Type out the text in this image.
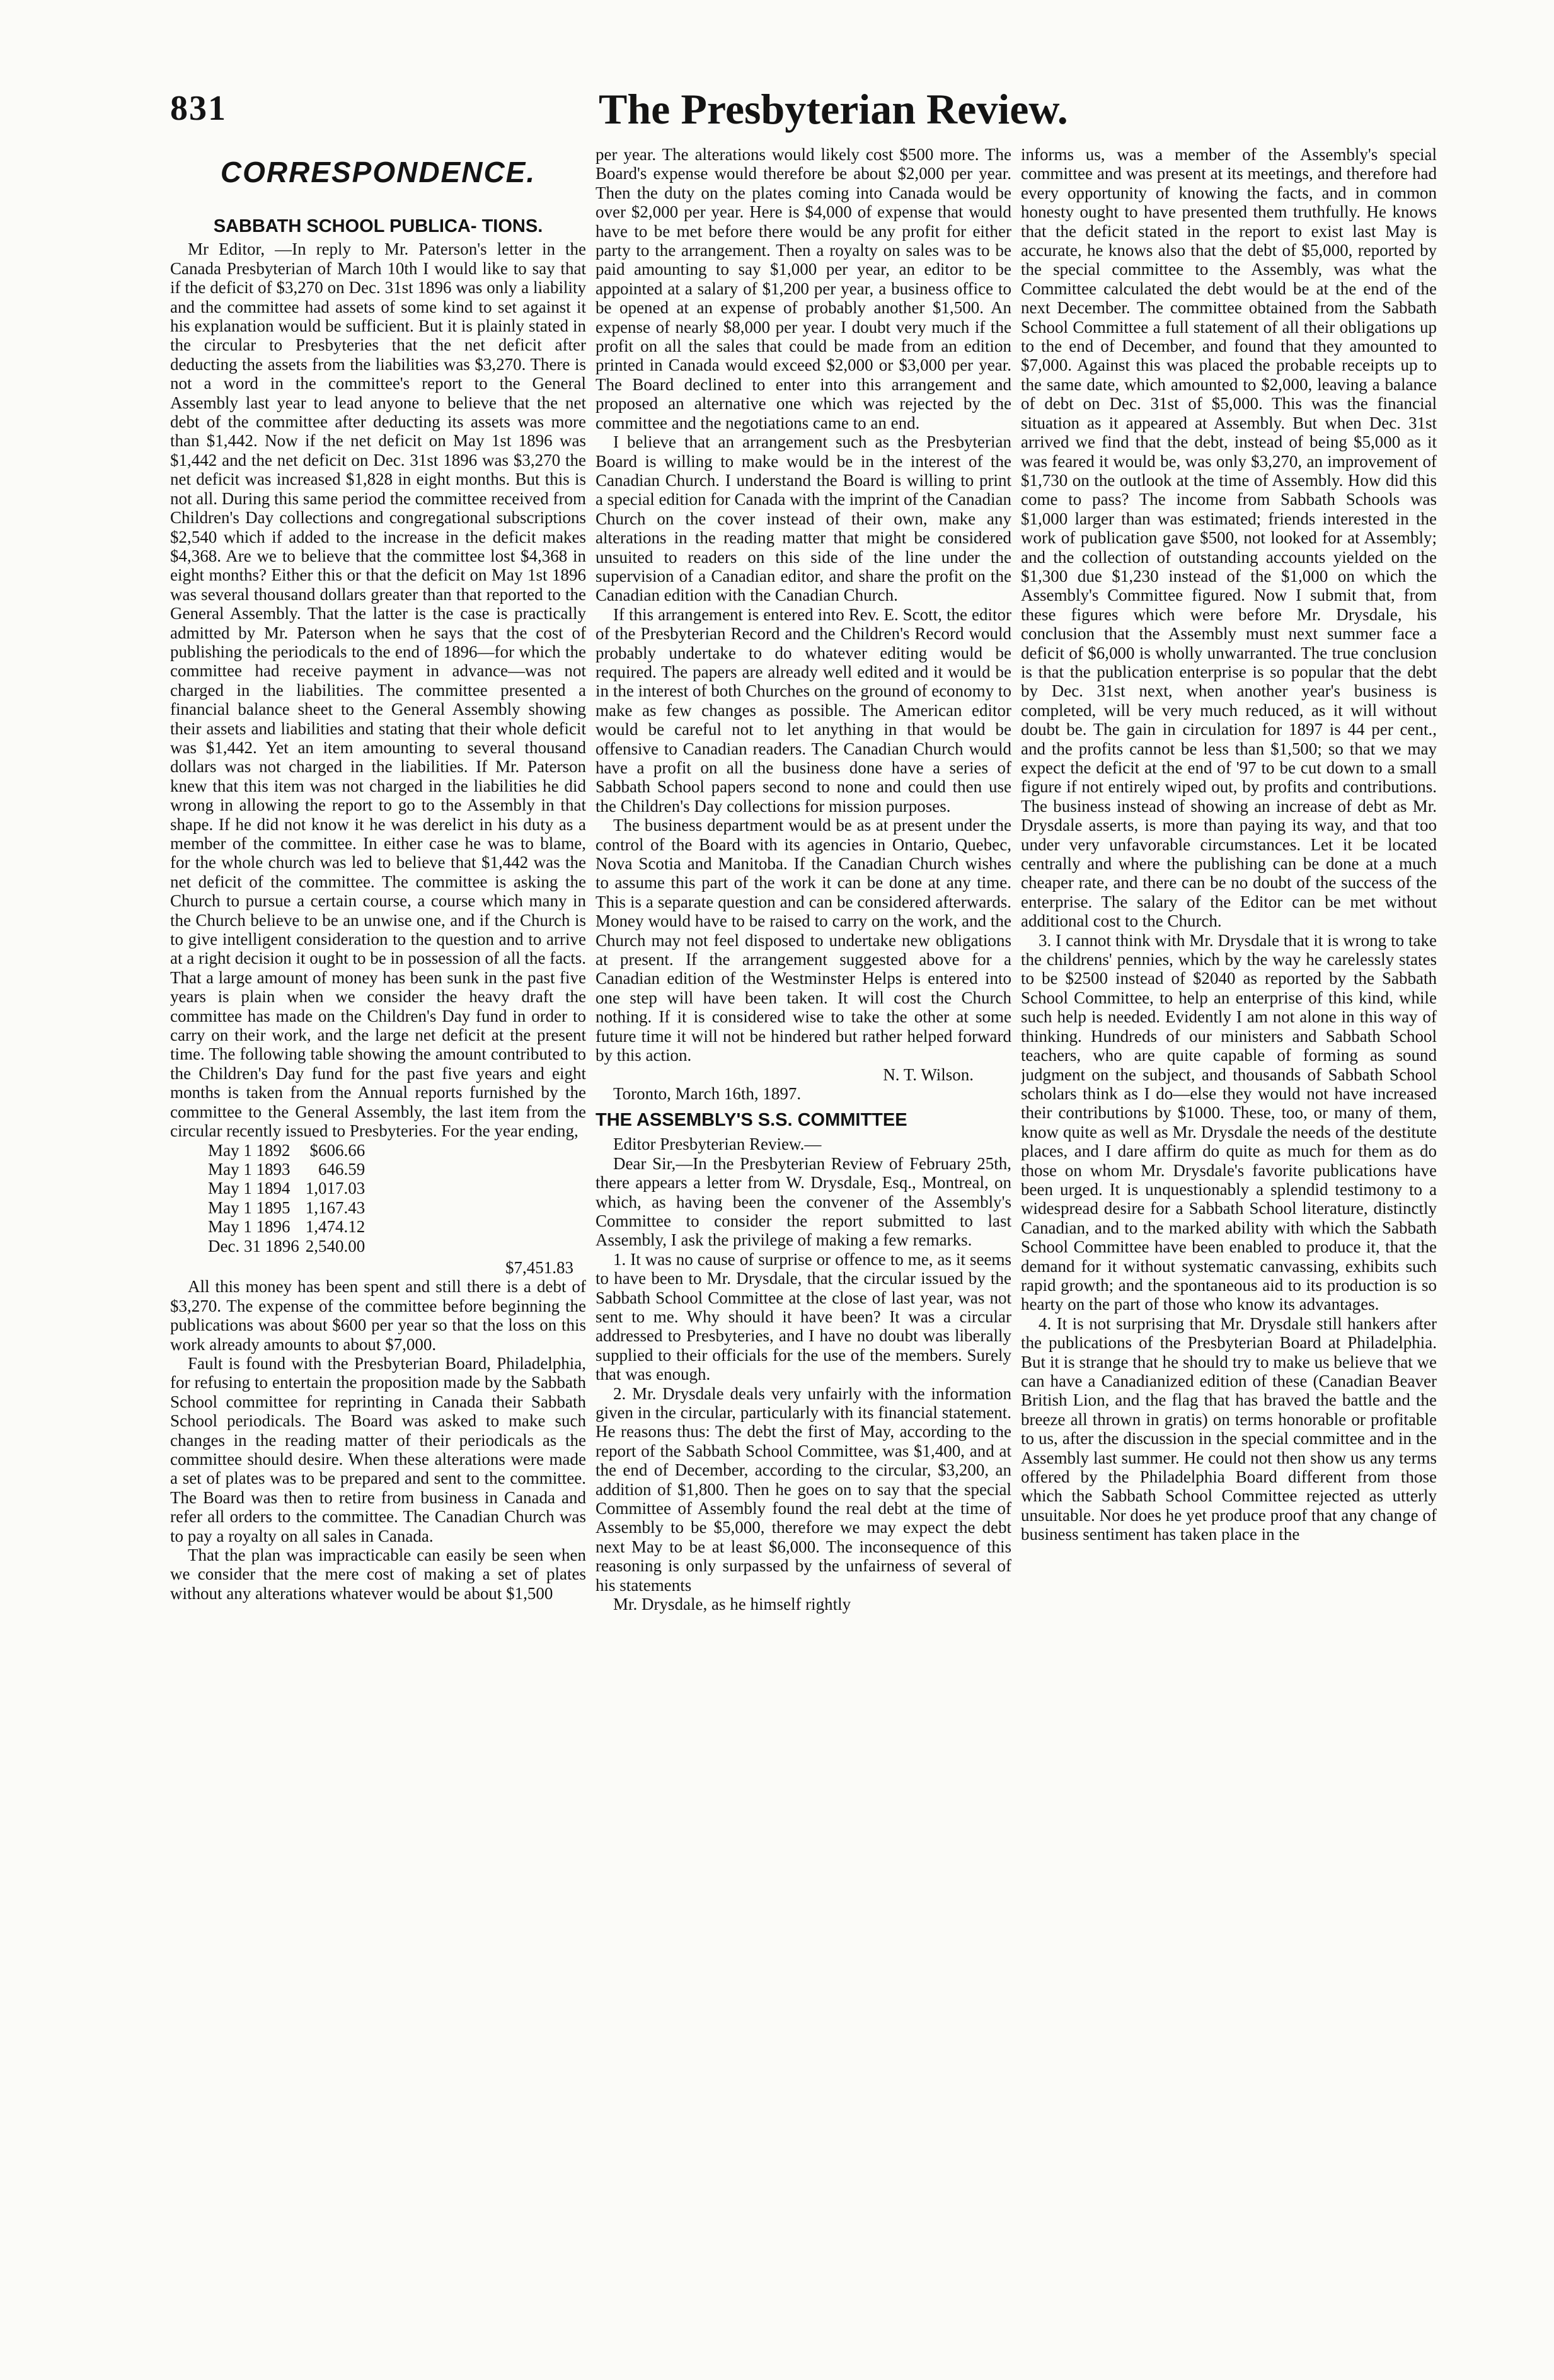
831	The Presbyterian Review.
CORRESPONDENCE.
SABBATH SCHOOL PUBLICA- TIONS.

Mr Editor, —In reply to Mr. Paterson's letter in the Canada Presbyterian of March 10th I would like to say that if the deficit of $3,270 on Dec. 31st 1896 was only a liability and the committee had assets of some kind to set against it his explanation would be sufficient. But it is plainly stated in the circular to Presbyteries that the net deficit after deducting the assets from the liabilities was $3,270. There is not a word in the committee's report to the General Assembly last year to lead anyone to believe that the net debt of the committee after deducting its assets was more than $1,442. Now if the net deficit on May 1st 1896 was $1,442 and the net deficit on Dec. 31st 1896 was $3,270 the net deficit was increased $1,828 in eight months. But this is not all. During this same period the committee received from Children's Day collections and congregational subscriptions $2,540 which if added to the increase in the deficit makes $4,368. Are we to believe that the committee lost $4,368 in eight months? Either this or that the deficit on May 1st 1896 was several thousand dollars greater than that reported to the General Assembly. That the latter is the case is practically admitted by Mr. Paterson when he says that the cost of publishing the periodicals to the end of 1896—for which the committee had receive payment in advance—was not charged in the liabilities. The committee presented a financial balance sheet to the General Assembly showing their assets and liabilities and stating that their whole deficit was $1,442. Yet an item amounting to several thousand dollars was not charged in the liabilities. If Mr. Paterson knew that this item was not charged in the liabilities he did wrong in allowing the report to go to the Assembly in that shape. If he did not know it he was derelict in his duty as a member of the committee. In either case he was to blame, for the whole church was led to believe that $1,442 was the net deficit of the committee. The committee is asking the Church to pursue a certain course, a course which many in the Church believe to be an unwise one, and if the Church is to give intelligent consideration to the question and to arrive at a right decision it ought to be in possession of all the facts. That a large amount of money has been sunk in the past five years is plain when we consider the heavy draft the committee has made on the Children's Day fund in order to carry on their work, and the large net deficit at the present time. The following table showing the amount contributed to the Children's Day fund for the past five years and eight months is taken from the Annual reports furnished by the committee to the General Assembly, the last item from the circular recently issued to Presbyteries. For the year ending,

May 1 1892	$606.66
May 1 1893	646.59
May 1 1894	1,017.03
May 1 1895	1,167.43
May 1 1896	1,474.12
Dec. 31 1896	2,540.00
$7,451.83

All this money has been spent and still there is a debt of $3,270. The expense of the committee before beginning the publications was about $600 per year so that the loss on this work already amounts to about $7,000.

Fault is found with the Presbyterian Board, Philadelphia, for refusing to entertain the proposition made by the Sabbath School committee for reprinting in Canada their Sabbath School periodicals. The Board was asked to make such changes in the reading matter of their periodicals as the committee should desire. When these alterations were made a set of plates was to be prepared and sent to the committee. The Board was then to retire from business in Canada and refer all orders to the committee. The Canadian Church was to pay a royalty on all sales in Canada.

That the plan was impracticable can easily be seen when we consider that the mere cost of making a set of plates without any alterations whatever would be about $1,500

per year. The alterations would likely cost $500 more. The Board's expense would therefore be about $2,000 per year. Then the duty on the plates coming into Canada would be over $2,000 per year. Here is $4,000 of expense that would have to be met before there would be any profit for either party to the arrangement. Then a royalty on sales was to be paid amounting to say $1,000 per year, an editor to be appointed at a salary of $1,200 per year, a business office to be opened at an expense of probably another $1,500. An expense of nearly $8,000 per year. I doubt very much if the profit on all the sales that could be made from an edition printed in Canada would exceed $2,000 or $3,000 per year. The Board declined to enter into this arrangement and proposed an alternative one which was rejected by the committee and the negotiations came to an end.

I believe that an arrangement such as the Presbyterian Board is willing to make would be in the interest of the Canadian Church. I understand the Board is willing to print a special edition for Canada with the imprint of the Canadian Church on the cover instead of their own, make any alterations in the reading matter that might be considered unsuited to readers on this side of the line under the supervision of a Canadian editor, and share the profit on the Canadian edition with the Canadian Church.

If this arrangement is entered into Rev. E. Scott, the editor of the Presbyterian Record and the Children's Record would probably undertake to do whatever editing would be required. The papers are already well edited and it would be in the interest of both Churches on the ground of economy to make as few changes as possible. The American editor would be careful not to let anything in that would be offensive to Canadian readers. The Canadian Church would have a profit on all the business done have a series of Sabbath School papers second to none and could then use the Children's Day collections for mission purposes.

The business department would be as at present under the control of the Board with its agencies in Ontario, Quebec, Nova Scotia and Manitoba. If the Canadian Church wishes to assume this part of the work it can be done at any time. This is a separate question and can be considered afterwards. Money would have to be raised to carry on the work, and the Church may not feel disposed to undertake new obligations at present. If the arrangement suggested above for a Canadian edition of the Westminster Helps is entered into one step will have been taken. It will cost the Church nothing. If it is considered wise to take the other at some future time it will not be hindered but rather helped forward by this action.

N. T. Wilson.

Toronto, March 16th, 1897.

THE ASSEMBLY'S S.S. COMMITTEE

Editor Presbyterian Review.—

Dear Sir,—In the Presbyterian Review of February 25th, there appears a letter from W. Drysdale, Esq., Montreal, on which, as having been the convener of the Assembly's Committee to consider the report submitted to last Assembly, I ask the privilege of making a few remarks.

1. It was no cause of surprise or offence to me, as it seems to have been to Mr. Drysdale, that the circular issued by the Sabbath School Committee at the close of last year, was not sent to me. Why should it have been? It was a circular addressed to Presbyteries, and I have no doubt was liberally supplied to their officials for the use of the members. Surely that was enough.

2. Mr. Drysdale deals very unfairly with the information given in the circular, particularly with its financial statement. He reasons thus: The debt the first of May, according to the report of the Sabbath School Committee, was $1,400, and at the end of December, according to the circular, $3,200, an addition of $1,800. Then he goes on to say that the special Committee of Assembly found the real debt at the time of Assembly to be $5,000, therefore we may expect the debt next May to be at least $6,000. The inconsequence of this reasoning is only surpassed by the unfairness of several of his statements

Mr. Drysdale, as he himself rightly

informs us, was a member of the Assembly's special committee and was present at its meetings, and therefore had every opportunity of knowing the facts, and in common honesty ought to have presented them truthfully. He knows that the deficit stated in the report to exist last May is accurate, he knows also that the debt of $5,000, reported by the special committee to the Assembly, was what the Committee calculated the debt would be at the end of the next December. The committee obtained from the Sabbath School Committee a full statement of all their obligations up to the end of December, and found that they amounted to $7,000. Against this was placed the probable receipts up to the same date, which amounted to $2,000, leaving a balance of debt on Dec. 31st of $5,000. This was the financial situation as it appeared at Assembly. But when Dec. 31st arrived we find that the debt, instead of being $5,000 as it was feared it would be, was only $3,270, an improvement of $1,730 on the outlook at the time of Assembly. How did this come to pass? The income from Sabbath Schools was $1,000 larger than was estimated; friends interested in the work of publication gave $500, not looked for at Assembly; and the collection of outstanding accounts yielded on the $1,300 due $1,230 instead of the $1,000 on which the Assembly's Committee figured. Now I submit that, from these figures which were before Mr. Drysdale, his conclusion that the Assembly must next summer face a deficit of $6,000 is wholly unwarranted. The true conclusion is that the publication enterprise is so popular that the debt by Dec. 31st next, when another year's business is completed, will be very much reduced, as it will without doubt be. The gain in circulation for 1897 is 44 per cent., and the profits cannot be less than $1,500; so that we may expect the deficit at the end of '97 to be cut down to a small figure if not entirely wiped out, by profits and contributions. The business instead of showing an increase of debt as Mr. Drysdale asserts, is more than paying its way, and that too under very unfavorable circumstances. Let it be located centrally and where the publishing can be done at a much cheaper rate, and there can be no doubt of the success of the enterprise. The salary of the Editor can be met without additional cost to the Church.

3. I cannot think with Mr. Drysdale that it is wrong to take the childrens' pennies, which by the way he carelessly states to be $2500 instead of $2040 as reported by the Sabbath School Committee, to help an enterprise of this kind, while such help is needed. Evidently I am not alone in this way of thinking. Hundreds of our ministers and Sabbath School teachers, who are quite capable of forming as sound judgment on the subject, and thousands of Sabbath School scholars think as I do—else they would not have increased their contributions by $1000. These, too, or many of them, know quite as well as Mr. Drysdale the needs of the destitute places, and I dare affirm do quite as much for them as do those on whom Mr. Drysdale's favorite publications have been urged. It is unquestionably a splendid testimony to a widespread desire for a Sabbath School literature, distinctly Canadian, and to the marked ability with which the Sabbath School Committee have been enabled to produce it, that the demand for it without systematic canvassing, exhibits such rapid growth; and the spontaneous aid to its production is so hearty on the part of those who know its advantages.

4. It is not surprising that Mr. Drysdale still hankers after the publications of the Presbyterian Board at Philadelphia. But it is strange that he should try to make us believe that we can have a Canadianized edition of these (Canadian Beaver British Lion, and the flag that has braved the battle and the breeze all thrown in gratis) on terms honorable or profitable to us, after the discussion in the special committee and in the Assembly last summer. He could not then show us any terms offered by the Philadelphia Board different from those which the Sabbath School Committee rejected as utterly unsuitable. Nor does he yet produce proof that any change of business sentiment has taken place in the
